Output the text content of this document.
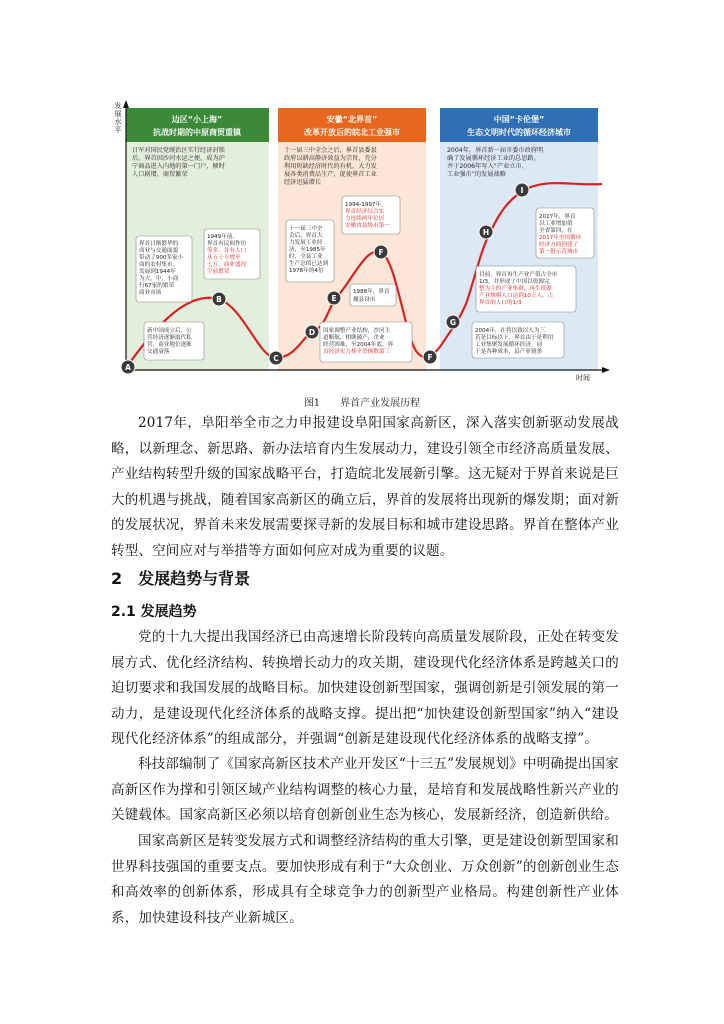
边区“小上海”
抗战时期的中原商贸重镇
安徽“北界首”
改革开放后的皖北工业强市
中国“卡伦堡”
生态文明时代的循环经济城市
日军对国民党统治区实行经济封锁
后，界首因沙河水运之便，成为沪
宁商品进入内地的第一门户，倾时
人口剧增，商贸繁荣
十一届三中全会之后，界首县委县
政府以耕高静济效益为宗旨，充分
利用短缺经济时代的有机，大力发
展各类消费品生产，促使界首工业
经济迅猛增长
2004年，界首新一届市委市政府明
确了发展循环经济工业的总思路，
并于2006年写入“产业立市、
工业强市”的发展战略
发
展
水
平
时间
界首日渐繁华的
商业与交通面貌
带动了900多家小
商的农村集市。
发展到1944年
为大，中，小商
行67家的繁荣
商业市场
1949年前，
界首有民间作坊
等多，并有人口
从五十万增至
七万，商业盛况
空前繁荣
新中国成立后，公
营经济逐渐取代私
营，商业地位逐渐
交通衰落
十一届三中全
会后，界首大
力发展工业经
济，至1985年
时，全县工业
生产总值已达到
1978年的4倍
1988年，界首
撤县设市
1994-1997年，
界首经济综合实
力连续两年位居
安徽省县级市第一
国家调整产业结构，沙河主
道断航，相继破产，企业
经营困难，至2004年底，界
首经济实力排全省倒数第三
2004年，在将以致以人为三
若是目标以下，界首由于是利用
工业集聚发展循环经济，同
于是各种成本，县产业链条
目前，界首再生产业产值占全市
1/3，并形成了中国以资源完
整为主的产业集群，再生资源
产业规模人口达到10万人，占
界首的人口的1/3
2017年，界首
以工业增加值
全省第四，在
2017年全国循环
经济方面创建了
第一批示范城市
A
B
C
D
E
F
F
G
H
I
图1　　界首产业发展历程

2017年，阜阳举全市之力申报建设阜阳国家高新区，深入落实创新驱动发展战略，以新理念、新思路、新办法培育内生发展动力，建设引领全市经济高质量发展、产业结构转型升级的国家战略平台，打造皖北发展新引擎。这无疑对于界首来说是巨大的机遇与挑战，随着国家高新区的确立后，界首的发展将出现新的爆发期；面对新的发展状况，界首未来发展需要探寻新的发展目标和城市建设思路。界首在整体产业转型、空间应对与举措等方面如何应对成为重要的议题。

2　发展趋势与背景

2.1 发展趋势

党的十九大提出我国经济已由高速增长阶段转向高质量发展阶段，正处在转变发展方式、优化经济结构、转换增长动力的攻关期，建设现代化经济体系是跨越关口的迫切要求和我国发展的战略目标。加快建设创新型国家，强调创新是引领发展的第一动力，是建设现代化经济体系的战略支撑。提出把“加快建设创新型国家”纳入“建设现代化经济体系”的组成部分，并强调“创新是建设现代化经济体系的战略支撑”。

科技部编制了《国家高新区技术产业开发区“十三五”发展规划》中明确提出国家高新区作为撑和引领区域产业结构调整的核心力量，是培育和发展战略性新兴产业的关键载体。国家高新区必须以培育创新创业生态为核心，发展新经济，创造新供给。

国家高新区是转变发展方式和调整经济结构的重大引擎，更是建设创新型国家和世界科技强国的重要支点。要加快形成有利于“大众创业、万众创新”的创新创业生态和高效率的创新体系，形成具有全球竞争力的创新型产业格局。构建创新性产业体系，加快建设科技产业新城区。
